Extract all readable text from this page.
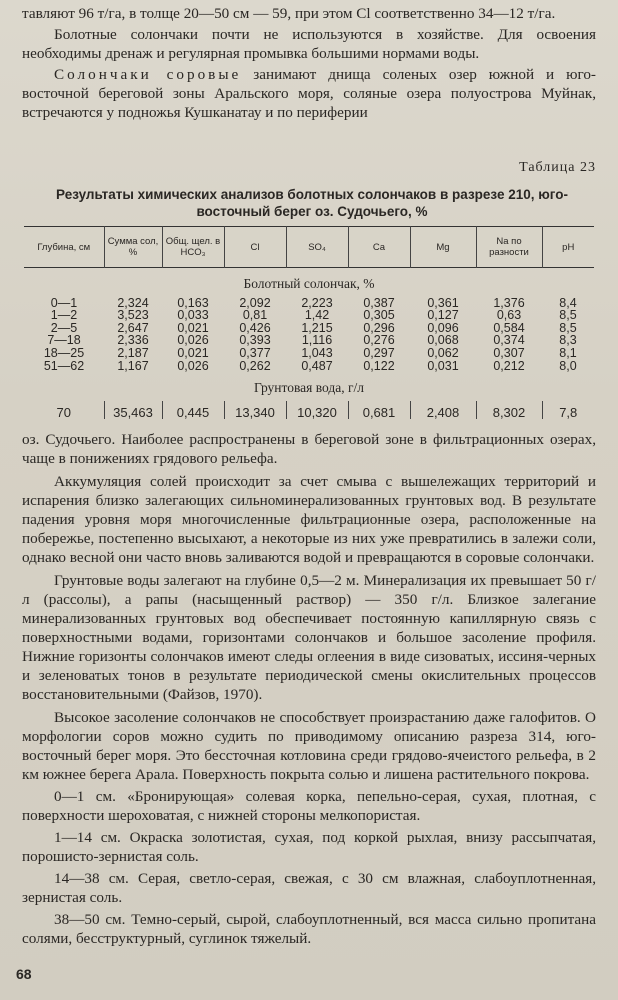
тавляют 96 т/га, в толще 20—50 см — 59, при этом Cl соответственно 34—12 т/га.

Болотные солончаки почти не используются в хозяйстве. Для освоения необходимы дренаж и регулярная промывка большими нормами воды.

Солончаки соровые занимают днища соленых озер южной и юго-восточной береговой зоны Аральского моря, соляные озера полуострова Муйнак, встречаются у подножья Кушканатау и по периферии

Таблица 23
Результаты химических анализов болотных солончаков в разрезе 210, юго-восточный берег оз. Судочьего, %
Глубина, см	Сумма сол, %	Общ. щел. в HCO₃	Cl	SO₄	Ca	Mg	Na по разности	pH
Болотный солончак, %								
0—1	2,324	0,163	2,092	2,223	0,387	0,361	1,376	8,4
1—2	3,523	0,033	0,81	1,42	0,305	0,127	0,63	8,5
2—5	2,647	0,021	0,426	1,215	0,296	0,096	0,584	8,5
7—18	2,336	0,026	0,393	1,116	0,276	0,068	0,374	8,3
18—25	2,187	0,021	0,377	1,043	0,297	0,062	0,307	8,1
51—62	1,167	0,026	0,262	0,487	0,122	0,031	0,212	8,0
Грунтовая вода, г/л								
70	35,463	0,445	13,340	10,320	0,681	2,408	8,302	7,8

оз. Судочьего. Наиболее распространены в береговой зоне в фильтрационных озерах, чаще в понижениях грядового рельефа.

Аккумуляция солей происходит за счет смыва с вышележащих территорий и испарения близко залегающих сильноминерализованных грунтовых вод. В результате падения уровня моря многочисленные фильтрационные озера, расположенные на побережье, постепенно высыхают, а некоторые из них уже превратились в залежи соли, однако весной они часто вновь заливаются водой и превращаются в соровые солончаки.

Грунтовые воды залегают на глубине 0,5—2 м. Минерализация их превышает 50 г/л (рассолы), а рапы (насыщенный раствор) — 350 г/л. Близкое залегание минерализованных грунтовых вод обеспечивает постоянную капиллярную связь с поверхностными водами, горизонтами солончаков и большое засоление профиля. Нижние горизонты солончаков имеют следы оглеения в виде сизоватых, иссиня-черных и зеленоватых тонов в результате периодической смены окислительных процессов восстановительными (Файзов, 1970).

Высокое засоление солончаков не способствует произрастанию даже галофитов. О морфологии соров можно судить по приводимому описанию разреза 314, юго-восточный берег моря. Это бессточная котловина среди грядово-ячеистого рельефа, в 2 км южнее берега Арала. Поверхность покрыта солью и лишена растительного покрова.

0—1 см. «Бронирующая» солевая корка, пепельно-серая, сухая, плотная, с поверхности шероховатая, с нижней стороны мелкопористая.

1—14 см. Окраска золотистая, сухая, под коркой рыхлая, внизу рассыпчатая, порошисто-зернистая соль.

14—38 см. Серая, светло-серая, свежая, с 30 см влажная, слабоуплотненная, зернистая соль.

38—50 см. Темно-серый, сырой, слабоуплотненный, вся масса сильно пропитана солями, бесструктурный, суглинок тяжелый.

68
